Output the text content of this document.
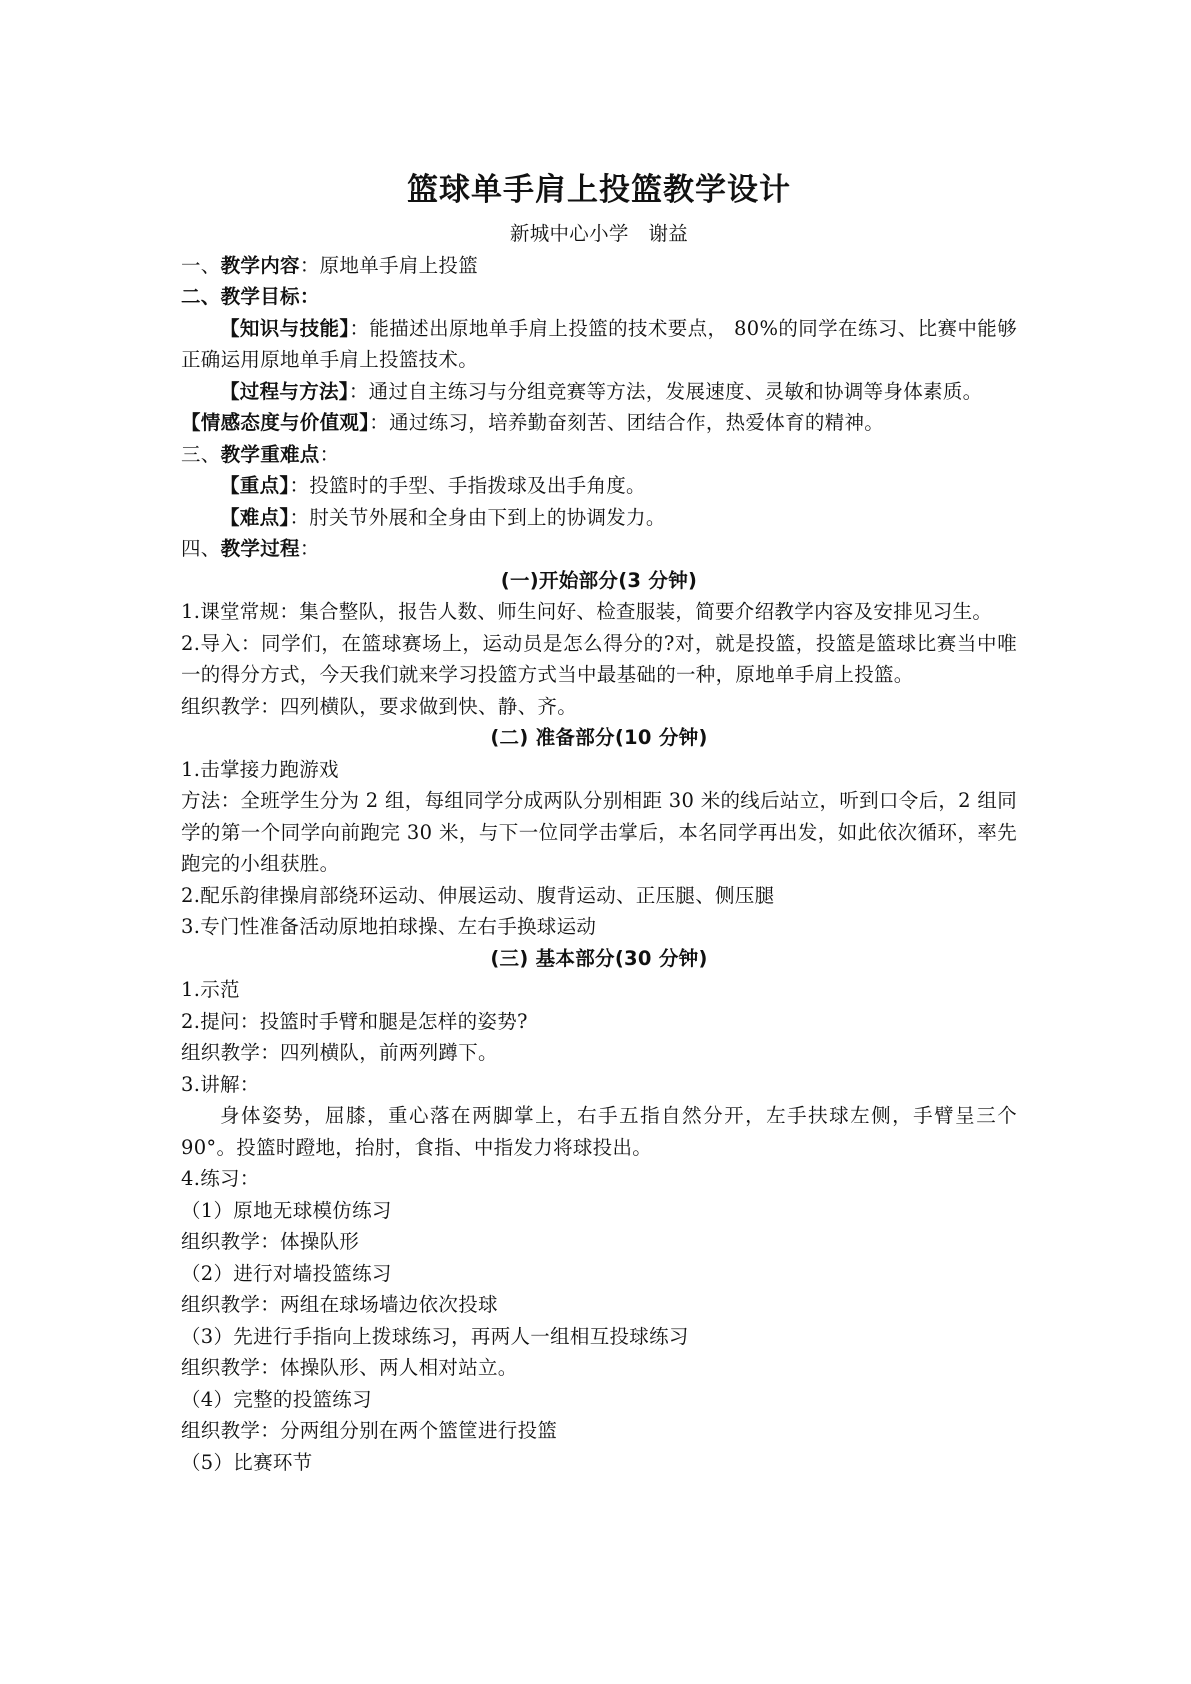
篮球单手肩上投篮教学设计

新城中心小学　谢益

一、教学内容：原地单手肩上投篮

二、教学目标：

【知识与技能】：能描述出原地单手肩上投篮的技术要点， 80%的同学在练习、比赛中能够正确运用原地单手肩上投篮技术。

【过程与方法】：通过自主练习与分组竞赛等方法，发展速度、灵敏和协调等身体素质。

【情感态度与价值观】：通过练习，培养勤奋刻苦、团结合作，热爱体育的精神。

三、教学重难点：

【重点】：投篮时的手型、手指拨球及出手角度。

【难点】：肘关节外展和全身由下到上的协调发力。

四、教学过程：

(一)开始部分(3 分钟)

1.课堂常规：集合整队，报告人数、师生问好、检查服装，简要介绍教学内容及安排见习生。

2.导入：同学们，在篮球赛场上，运动员是怎么得分的?对，就是投篮，投篮是篮球比赛当中唯一的得分方式，今天我们就来学习投篮方式当中最基础的一种，原地单手肩上投篮。

组织教学：四列横队，要求做到快、静、齐。

(二) 准备部分(10 分钟)

1.击掌接力跑游戏

方法：全班学生分为 2 组，每组同学分成两队分别相距 30 米的线后站立，听到口令后，2 组同学的第一个同学向前跑完 30 米，与下一位同学击掌后，本名同学再出发，如此依次循环，率先跑完的小组获胜。

2.配乐韵律操肩部绕环运动、伸展运动、腹背运动、正压腿、侧压腿

3.专门性准备活动原地拍球操、左右手换球运动

(三) 基本部分(30 分钟)

1.示范

2.提问：投篮时手臂和腿是怎样的姿势?

组织教学：四列横队，前两列蹲下。

3.讲解：

身体姿势，屈膝，重心落在两脚掌上，右手五指自然分开，左手扶球左侧，手臂呈三个 90°。投篮时蹬地，抬肘，食指、中指发力将球投出。

4.练习：

（1）原地无球模仿练习

组织教学：体操队形

（2）进行对墙投篮练习

组织教学：两组在球场墙边依次投球

（3）先进行手指向上拨球练习，再两人一组相互投球练习

组织教学：体操队形、两人相对站立。

（4）完整的投篮练习

组织教学：分两组分别在两个篮筐进行投篮

（5）比赛环节
